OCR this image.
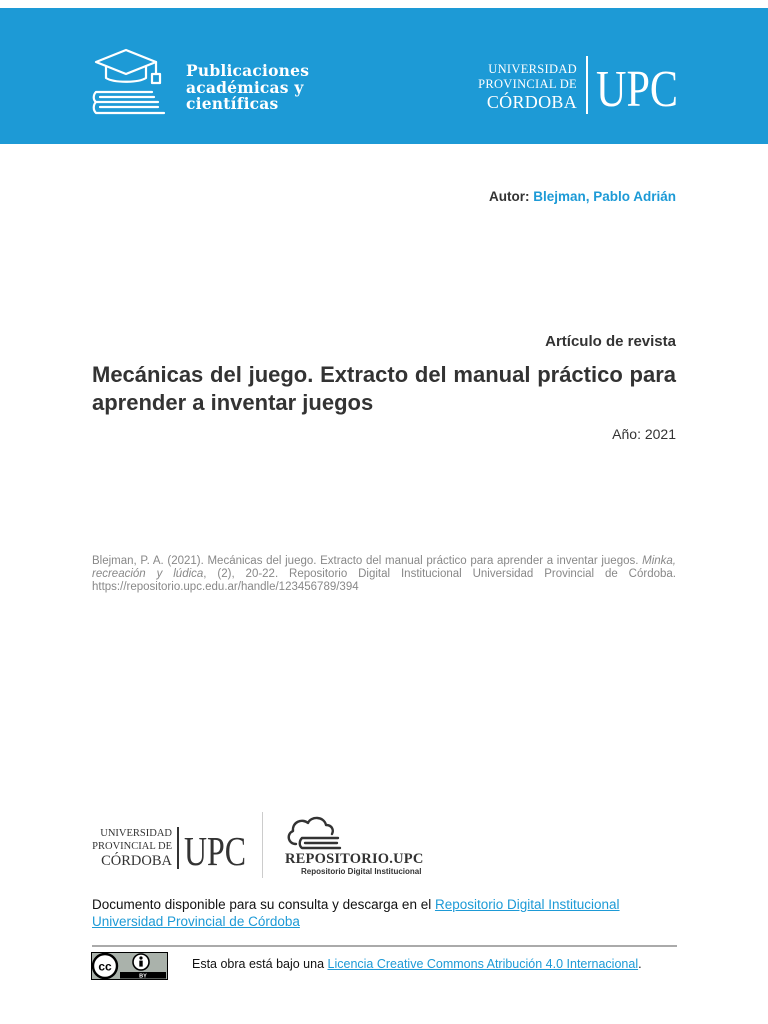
Publicaciones
académicas y
científicas
UNIVERSIDAD
PROVINCIAL DE
CÓRDOBA UPC
Autor: Blejman, Pablo Adrián
Artículo de revista
Mecánicas del juego. Extracto del manual práctico para aprender a inventar juegos
Año: 2021
Blejman, P. A. (2021). Mecánicas del juego. Extracto del manual práctico para aprender a inventar juegos. Minka, recreación y lúdica, (2), 20-22. Repositorio Digital Institucional Universidad Provincial de Córdoba. https://repositorio.upc.edu.ar/handle/123456789/394
UNIVERSIDAD
PROVINCIAL DE
CÓRDOBA UPC	REPOSITORIO.UPC
Repositorio Digital Institucional
Documento disponible para su consulta y descarga en el Repositorio Digital Institucional Universidad Provincial de Córdoba
cc
BY
Esta obra está bajo una Licencia Creative Commons Atribución 4.0 Internacional.
